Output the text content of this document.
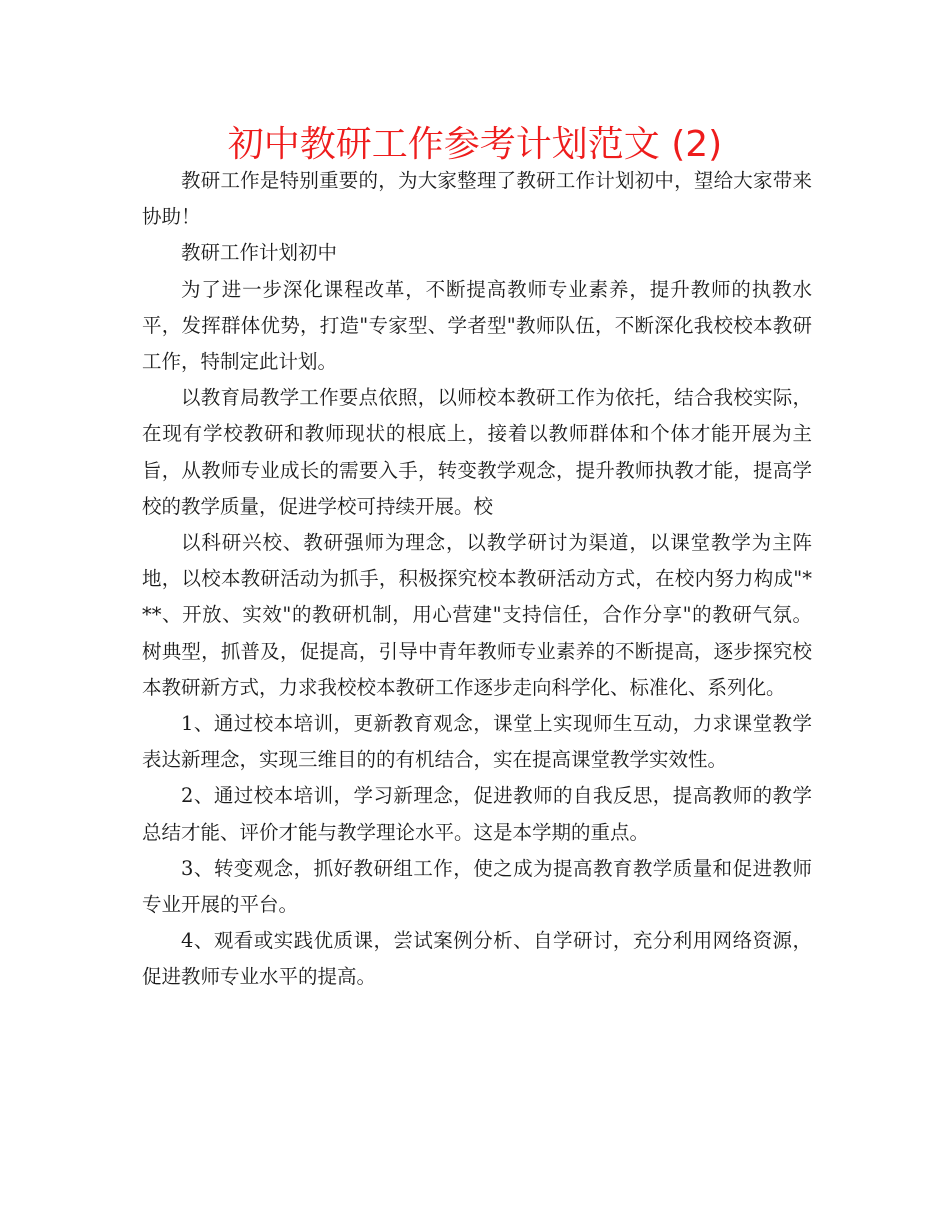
初中教研工作参考计划范文 (2)

教研工作是特别重要的，为大家整理了教研工作计划初中，望给大家带来协助！

教研工作计划初中

为了进一步深化课程改革，不断提高教师专业素养，提升教师的执教水平，发挥群体优势，打造"专家型、学者型"教师队伍，不断深化我校校本教研工作，特制定此计划。

以教育局教学工作要点依照，以师校本教研工作为依托，结合我校实际，在现有学校教研和教师现状的根底上，接着以教师群体和个体才能开展为主旨，从教师专业成长的需要入手，转变教学观念，提升教师执教才能，提高学校的教学质量，促进学校可持续开展。校

以科研兴校、教研强师为理念，以教学研讨为渠道，以课堂教学为主阵地，以校本教研活动为抓手，积极探究校本教研活动方式，在校内努力构成"***、开放、实效"的教研机制，用心营建"支持信任，合作分享"的教研气氛。树典型，抓普及，促提高，引导中青年教师专业素养的不断提高，逐步探究校本教研新方式，力求我校校本教研工作逐步走向科学化、标准化、系列化。

1、通过校本培训，更新教育观念，课堂上实现师生互动，力求课堂教学表达新理念，实现三维目的的有机结合，实在提高课堂教学实效性。

2、通过校本培训，学习新理念，促进教师的自我反思，提高教师的教学总结才能、评价才能与教学理论水平。这是本学期的重点。

3、转变观念，抓好教研组工作，使之成为提高教育教学质量和促进教师专业开展的平台。

4、观看或实践优质课，尝试案例分析、自学研讨，充分利用网络资源，促进教师专业水平的提高。
